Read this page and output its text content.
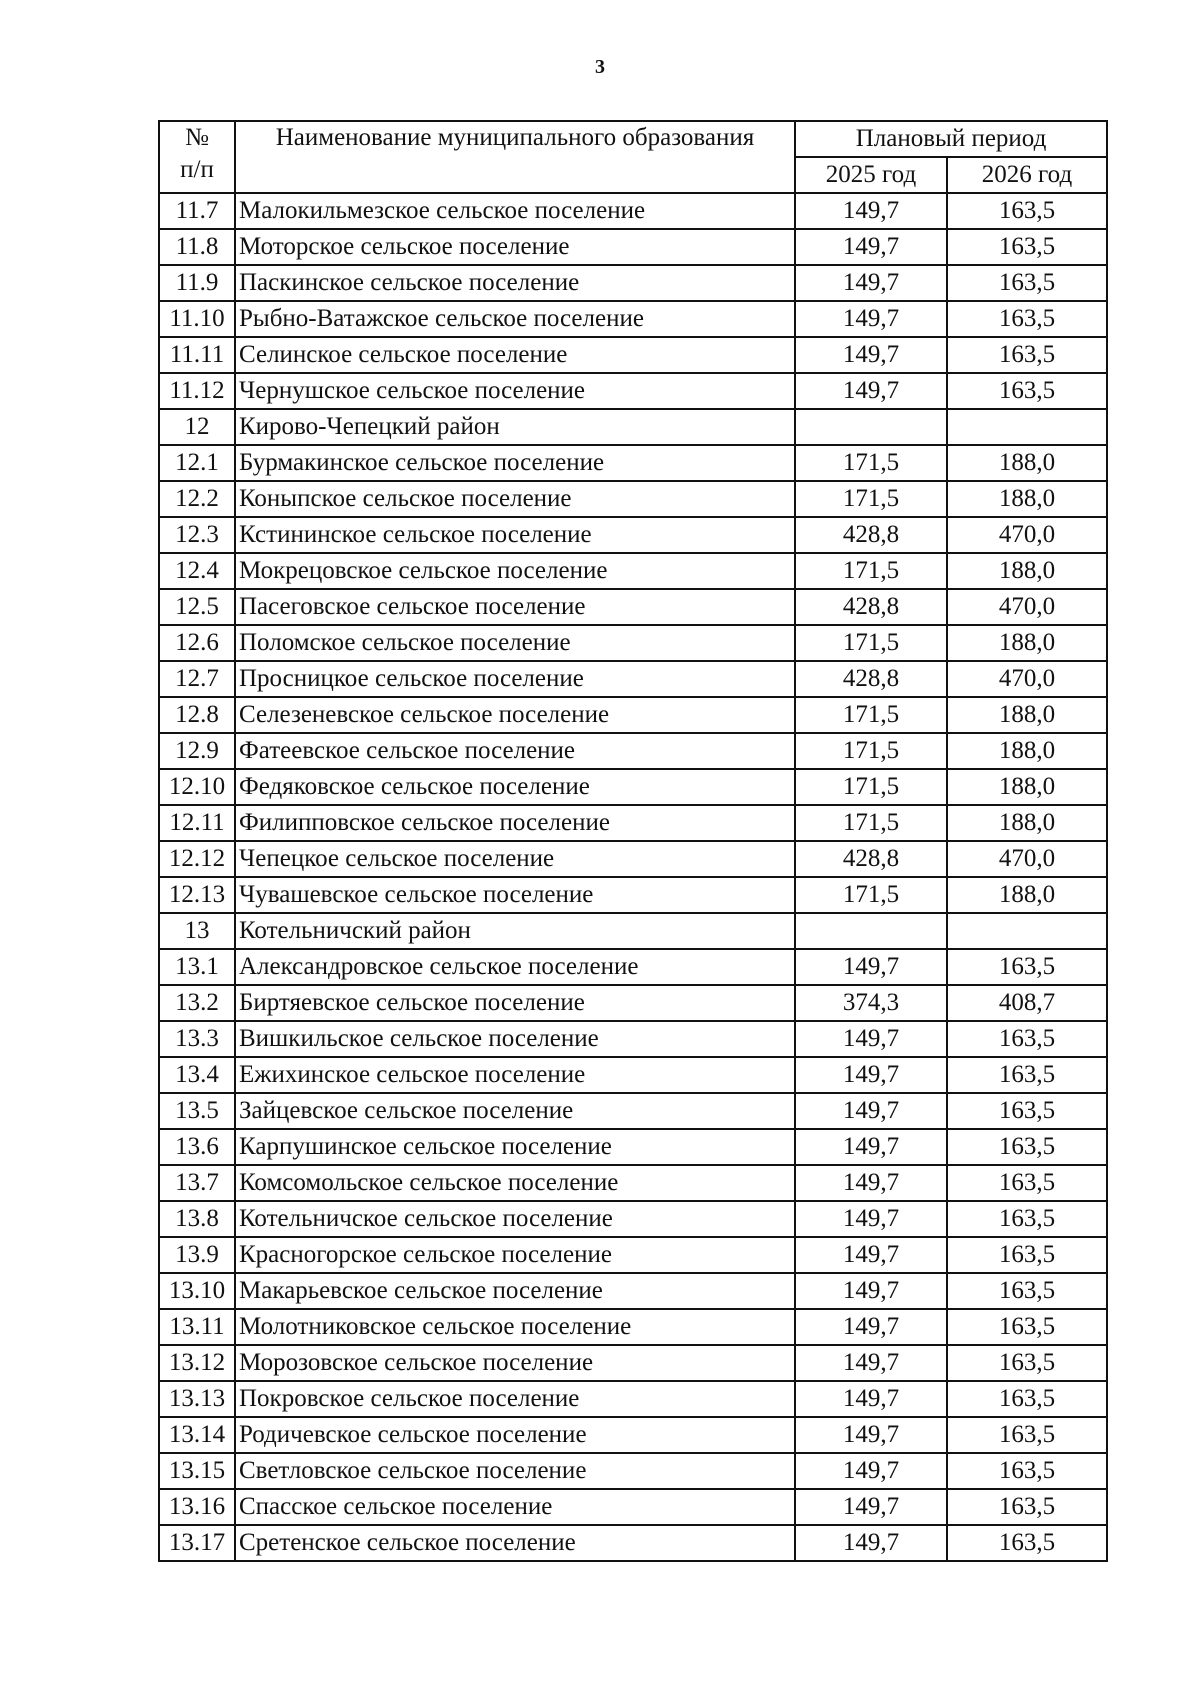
3
№
п/п	Наименование муниципального образования	Плановый период	
		2025 год	2026 год
11.7	Малокильмезское сельское поселение	149,7	163,5
11.8	Моторское сельское поселение	149,7	163,5
11.9	Паскинское сельское поселение	149,7	163,5
11.10	Рыбно-Ватажское сельское поселение	149,7	163,5
11.11	Селинское сельское поселение	149,7	163,5
11.12	Чернушское сельское поселение	149,7	163,5
12	Кирово-Чепецкий район		
12.1	Бурмакинское сельское поселение	171,5	188,0
12.2	Коныпское сельское поселение	171,5	188,0
12.3	Кстининское сельское поселение	428,8	470,0
12.4	Мокрецовское сельское поселение	171,5	188,0
12.5	Пасеговское сельское поселение	428,8	470,0
12.6	Поломское сельское поселение	171,5	188,0
12.7	Просницкое сельское поселение	428,8	470,0
12.8	Селезеневское сельское поселение	171,5	188,0
12.9	Фатеевское сельское поселение	171,5	188,0
12.10	Федяковское сельское поселение	171,5	188,0
12.11	Филипповское сельское поселение	171,5	188,0
12.12	Чепецкое сельское поселение	428,8	470,0
12.13	Чувашевское сельское поселение	171,5	188,0
13	Котельничский район		
13.1	Александровское сельское поселение	149,7	163,5
13.2	Биртяевское сельское поселение	374,3	408,7
13.3	Вишкильское сельское поселение	149,7	163,5
13.4	Ежихинское сельское поселение	149,7	163,5
13.5	Зайцевское сельское поселение	149,7	163,5
13.6	Карпушинское сельское поселение	149,7	163,5
13.7	Комсомольское сельское поселение	149,7	163,5
13.8	Котельничское сельское поселение	149,7	163,5
13.9	Красногорское сельское поселение	149,7	163,5
13.10	Макарьевское сельское поселение	149,7	163,5
13.11	Молотниковское сельское поселение	149,7	163,5
13.12	Морозовское сельское поселение	149,7	163,5
13.13	Покровское сельское поселение	149,7	163,5
13.14	Родичевское сельское поселение	149,7	163,5
13.15	Светловское сельское поселение	149,7	163,5
13.16	Спасское сельское поселение	149,7	163,5
13.17	Сретенское сельское поселение	149,7	163,5
